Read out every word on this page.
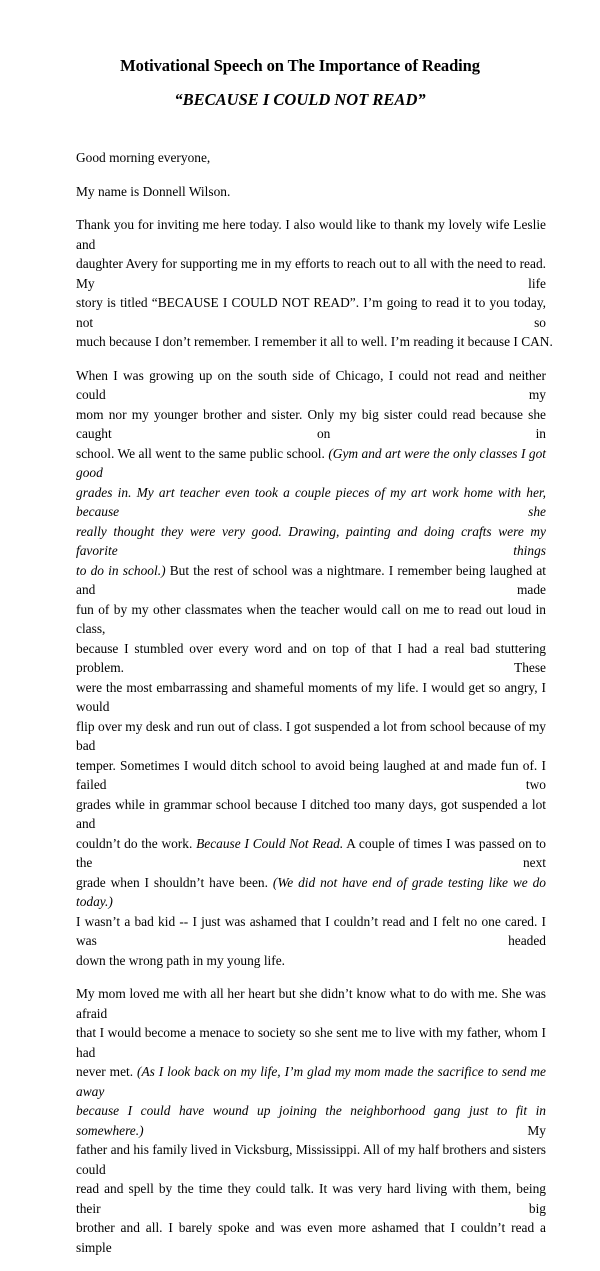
Motivational Speech on The Importance of Reading
“BECAUSE I COULD NOT READ”

Good morning everyone,

My name is Donnell Wilson.

Thank you for inviting me here today. I also would like to thank my lovely wife Leslie and
daughter Avery for supporting me in my efforts to reach out to all with the need to read. My life
story is titled “BECAUSE I COULD NOT READ”. I’m going to read it to you today, not so
much because I don’t remember. I remember it all to well. I’m reading it because I CAN.

When I was growing up on the south side of Chicago, I could not read and neither could my
mom nor my younger brother and sister. Only my big sister could read because she caught on in
school. We all went to the same public school. (Gym and art were the only classes I got good
grades in. My art teacher even took a couple pieces of my art work home with her, because she
really thought they were very good. Drawing, painting and doing crafts were my favorite things
to do in school.) But the rest of school was a nightmare. I remember being laughed at and made
fun of by my other classmates when the teacher would call on me to read out loud in class,
because I stumbled over every word and on top of that I had a real bad stuttering problem. These
were the most embarrassing and shameful moments of my life. I would get so angry, I would
flip over my desk and run out of class. I got suspended a lot from school because of my bad
temper. Sometimes I would ditch school to avoid being laughed at and made fun of. I failed two
grades while in grammar school because I ditched too many days, got suspended a lot and
couldn’t do the work. Because I Could Not Read. A couple of times I was passed on to the next
grade when I shouldn’t have been. (We did not have end of grade testing like we do today.)
I wasn’t a bad kid -- I just was ashamed that I couldn’t read and I felt no one cared. I was headed
down the wrong path in my young life.

My mom loved me with all her heart but she didn’t know what to do with me. She was afraid
that I would become a menace to society so she sent me to live with my father, whom I had
never met. (As I look back on my life, I’m glad my mom made the sacrifice to send me away
because I could have wound up joining the neighborhood gang just to fit in somewhere.) My
father and his family lived in Vicksburg, Mississippi. All of my half brothers and sisters could
read and spell by the time they could talk. It was very hard living with them, being their big
brother and all. I barely spoke and was even more ashamed that I couldn’t read a simple
